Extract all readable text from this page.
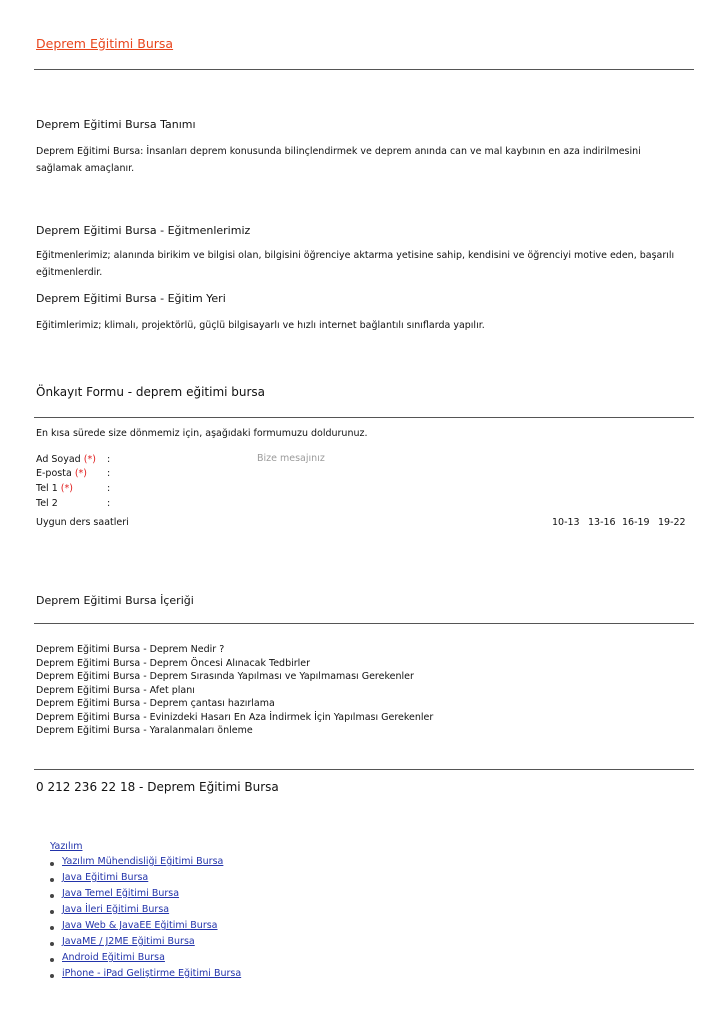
Deprem Eğitimi Bursa
Deprem Eğitimi Bursa Tanımı
Deprem Eğitimi Bursa: İnsanları deprem konusunda bilinçlendirmek ve deprem anında can ve mal kaybının en aza indirilmesini sağlamak amaçlanır.
Deprem Eğitimi Bursa - Eğitmenlerimiz
Eğitmenlerimiz; alanında birikim ve bilgisi olan, bilgisini öğrenciye aktarma yetisine sahip, kendisini ve öğrenciyi motive eden, başarılı eğitmenlerdir.
Deprem Eğitimi Bursa - Eğitim Yeri
Eğitimlerimiz; klimalı, projektörlü, güçlü bilgisayarlı ve hızlı internet bağlantılı sınıflarda yapılır.
Önkayıt Formu - deprem eğitimi bursa
En kısa sürede size dönmemiz için, aşağıdaki formumuzu doldurunuz.
Ad Soyad (*) :
E-posta (*) :
Tel 1 (*)	:
Tel 2	:
Bize mesajınız
Uygun ders saatleri	10-13 13-16 16-19 19-22
Deprem Eğitimi Bursa İçeriği
Deprem Eğitimi Bursa - Deprem Nedir ?
Deprem Eğitimi Bursa - Deprem Öncesi Alınacak Tedbirler
Deprem Eğitimi Bursa - Deprem Sırasında Yapılması ve Yapılmaması Gerekenler
Deprem Eğitimi Bursa - Afet planı
Deprem Eğitimi Bursa - Deprem çantası hazırlama
Deprem Eğitimi Bursa - Evinizdeki Hasarı En Aza İndirmek İçin Yapılması Gerekenler
Deprem Eğitimi Bursa - Yaralanmaları önleme
0 212 236 22 18 - Deprem Eğitimi Bursa
Yazılım
Yazılım Mühendisliği Eğitimi Bursa
Java Eğitimi Bursa
Java Temel Eğitimi Bursa
Java İleri Eğitimi Bursa
Java Web & JavaEE Eğitimi Bursa
JavaME / J2ME Eğitimi Bursa
Android Eğitimi Bursa
iPhone - iPad Geliştirme Eğitimi Bursa
